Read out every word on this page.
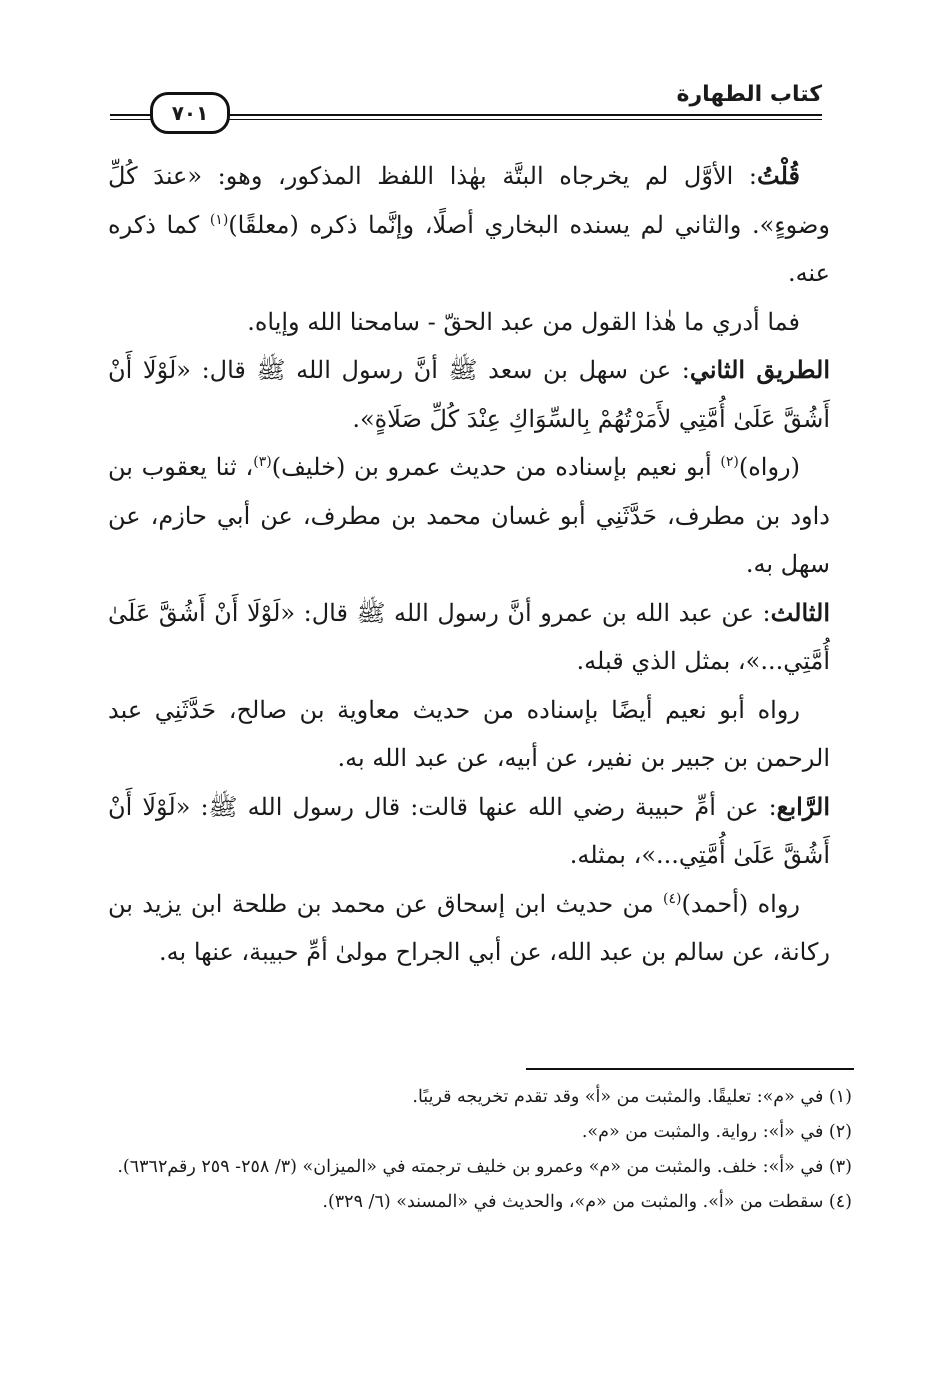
٧٠١
كتاب الطهارة

قُلْتُ: الأوَّل لم يخرجاه البتَّة بهٰذا اللفظ المذكور، وهو: «عندَ كُلِّ وضوءٍ». والثاني لم يسنده البخاري أصلًا، وإنَّما ذكره (معلقًا)$^{(١)}$ كما ذكره عنه.

فما أدري ما هٰذا القول من عبد الحقّ - سامحنا الله وإياه.

الطريق الثاني: عن سهل بن سعد ﷺ أنَّ رسول الله ﷺ قال: «لَوْلَا أَنْ أَشُقَّ عَلَىٰ أُمَّتِي لأَمَرْتُهُمْ بِالسِّوَاكِ عِنْدَ كُلِّ صَلَاةٍ».

(رواه)$^{(٢)}$ أبو نعيم بإسناده من حديث عمرو بن (خليف)$^{(٣)}$، ثنا يعقوب بن داود بن مطرف، حَدَّثَنِي أبو غسان محمد بن مطرف، عن أبي حازم، عن سهل به.

الثالث: عن عبد الله بن عمرو أنَّ رسول الله ﷺ قال: «لَوْلَا أَنْ أَشُقَّ عَلَىٰ أُمَّتِي...»، بمثل الذي قبله.

رواه أبو نعيم أيضًا بإسناده من حديث معاوية بن صالح، حَدَّثَنِي عبد الرحمن بن جبير بن نفير، عن أبيه، عن عبد الله به.

الرَّابع: عن أمِّ حبيبة رضي الله عنها قالت: قال رسول الله ﷺ: «لَوْلَا أَنْ أَشُقَّ عَلَىٰ أُمَّتِي...»، بمثله.

رواه (أحمد)$^{(٤)}$ من حديث ابن إسحاق عن محمد بن طلحة ابن يزيد بن ركانة، عن سالم بن عبد الله، عن أبي الجراح مولىٰ أمِّ حبيبة، عنها به.

(١) في «م»: تعليقًا. والمثبت من «أ» وقد تقدم تخريجه قريبًا.

(٢) في «أ»: رواية. والمثبت من «م».

(٣) في «أ»: خلف. والمثبت من «م» وعمرو بن خليف ترجمته في «الميزان» (٣/ ٢٥٨- ٢٥٩ رقم٦٣٦٢).

(٤) سقطت من «أ». والمثبت من «م»، والحديث في «المسند» (٦/ ٣٢٩).
